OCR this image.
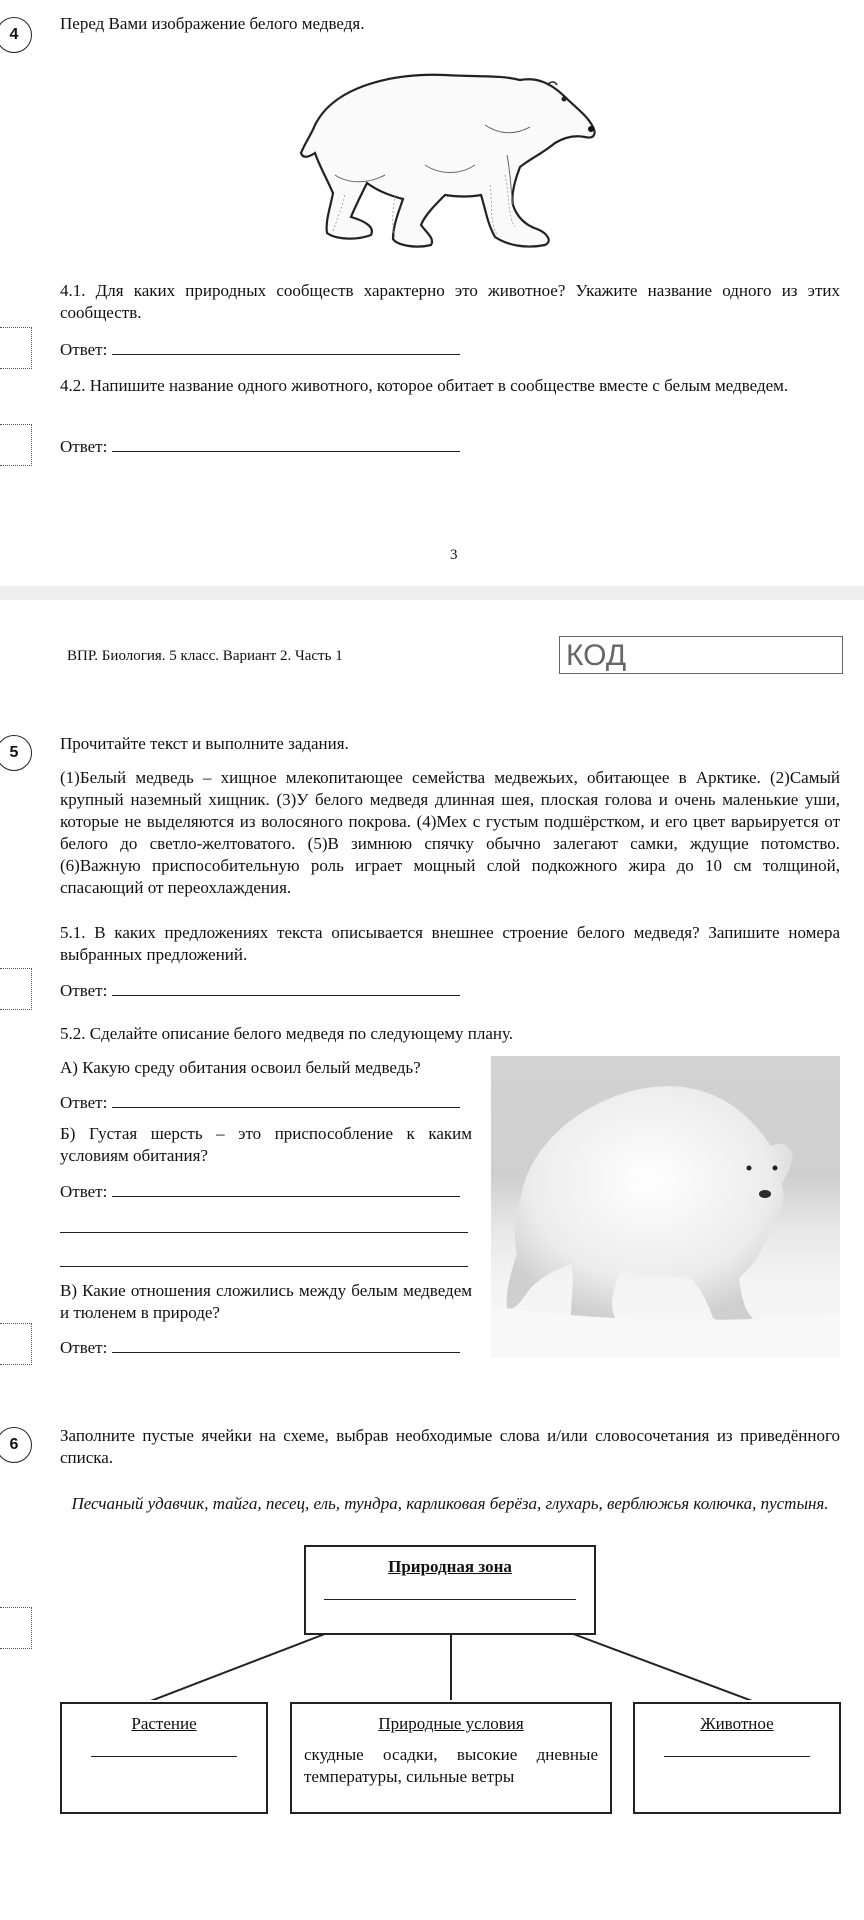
4
Перед Вами изображение белого медведя.
4.1. Для каких природных сообществ характерно это животное? Укажите название одного из этих сообществ.
Ответ:
4.2. Напишите название одного животного, которое обитает в сообществе вместе с белым медведем.
Ответ:
3
ВПР. Биология. 5 класс. Вариант 2. Часть 1	КОД
5 Прочитайте текст и выполните задания.
(1)Белый медведь – хищное млекопитающее семейства медвежьих, обитающее в Арктике. (2)Самый крупный наземный хищник. (3)У белого медведя длинная шея, плоская голова и очень маленькие уши, которые не выделяются из волосяного покрова. (4)Мех с густым подшёрстком, и его цвет варьируется от белого до светло-желтоватого. (5)В зимнюю спячку обычно залегают самки, ждущие потомство. (6)Важную приспособительную роль играет мощный слой подкожного жира до 10 см толщиной, спасающий от переохлаждения.
5.1. В каких предложениях текста описывается внешнее строение белого медведя? Запишите номера выбранных предложений.
Ответ:
5.2. Сделайте описание белого медведя по следующему плану.
А) Какую среду обитания освоил белый медведь?
Ответ:
Б) Густая шерсть – это приспособление к каким условиям обитания?
Ответ:
В) Какие отношения сложились между белым медведем и тюленем в природе?
Ответ:
6 Заполните пустые ячейки на схеме, выбрав необходимые слова и/или словосочетания из приведённого списка.
Песчаный удавчик, тайга, песец, ель, тундра, карликовая берёза, глухарь, верблюжья колючка, пустыня.
Природная зона
Растение	Природные условия
скудные осадки, высокие дневные температуры, сильные ветры
Животное
